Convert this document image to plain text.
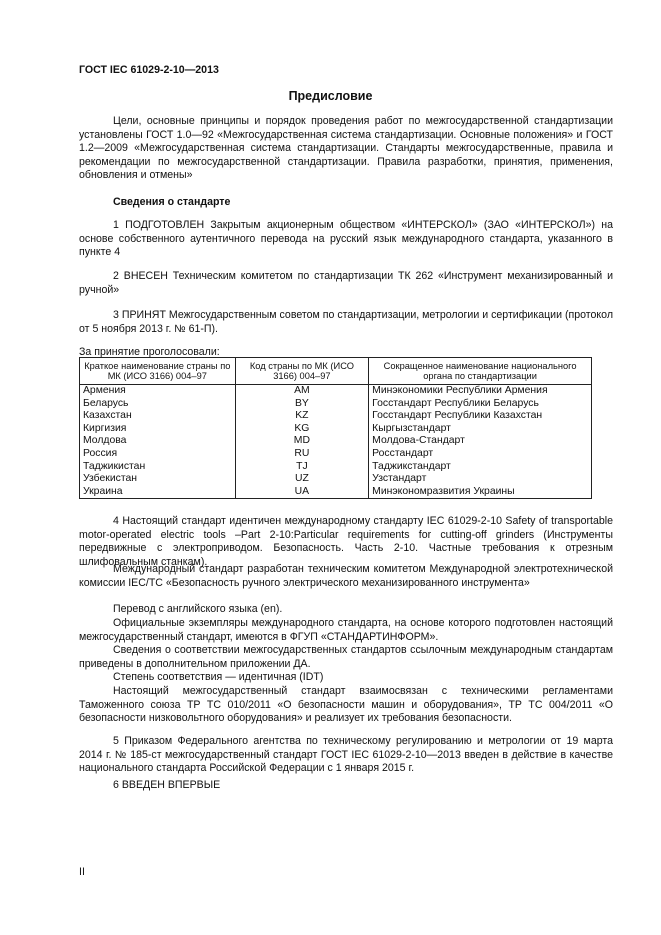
ГОСТ IEC 61029-2-10—2013
Предисловие
Цели, основные принципы и порядок проведения работ по межгосударственной стандартизации установлены ГОСТ 1.0—92 «Межгосударственная система стандартизации. Основные положения» и ГОСТ 1.2—2009 «Межгосударственная система стандартизации. Стандарты межгосударственные, правила и рекомендации по межгосударственной стандартизации. Правила разработки, принятия, применения, обновления и отмены»
Сведения о стандарте
1 ПОДГОТОВЛЕН Закрытым акционерным обществом «ИНТЕРСКОЛ» (ЗАО «ИНТЕРСКОЛ») на основе собственного аутентичного перевода на русский язык международного стандарта, указанного в пункте 4
2 ВНЕСЕН Техническим комитетом по стандартизации ТК 262 «Инструмент механизированный и ручной»
3 ПРИНЯТ Межгосударственным советом по стандартизации, метрологии и сертификации (протокол от 5 ноября 2013 г. № 61-П).
За принятие проголосовали:
Краткое наименование страны по МК (ИСО 3166) 004–97	Код страны по МК (ИСО 3166) 004–97	Сокращенное наименование национального органа по стандартизации
Армения	AM	Минэкономики Республики Армения
Беларусь	BY	Госстандарт Республики Беларусь
Казахстан	KZ	Госстандарт Республики Казахстан
Киргизия	KG	Кыргызстандарт
Молдова	MD	Молдова-Стандарт
Россия	RU	Росстандарт
Таджикистан	TJ	Таджикстандарт
Узбекистан	UZ	Узстандарт
Украина	UA	Минэкономразвития Украины
4 Настоящий стандарт идентичен международному стандарту IEC 61029-2-10 Safety of transportable motor-operated electric tools –Part 2-10:Particular requirements for cutting-off grinders (Инструменты передвижные с электроприводом. Безопасность. Часть 2-10. Частные требования к отрезным шлифовальным станкам).
Международный стандарт разработан техническим комитетом Международной электротехнической комиссии IEC/TC «Безопасность ручного электрического механизированного инструмента»
Перевод с английского языка (en).
Официальные экземпляры международного стандарта, на основе которого подготовлен настоящий межгосударственный стандарт, имеются в ФГУП «СТАНДАРТИНФОРМ».
Сведения о соответствии межгосударственных стандартов ссылочным международным стандартам приведены в дополнительном приложении ДА.
Степень соответствия — идентичная (IDT)
Настоящий межгосударственный стандарт взаимосвязан с техническими регламентами Таможенного союза ТР ТС 010/2011 «О безопасности машин и оборудования», ТР ТС 004/2011 «О безопасности низковольтного оборудования» и реализует их требования безопасности.
5 Приказом Федерального агентства по техническому регулированию и метрологии от 19 марта 2014 г. № 185-ст межгосударственный стандарт ГОСТ IEC 61029-2-10—2013 введен в действие в качестве национального стандарта Российской Федерации с 1 января 2015 г.
6 ВВЕДЕН ВПЕРВЫЕ
II
